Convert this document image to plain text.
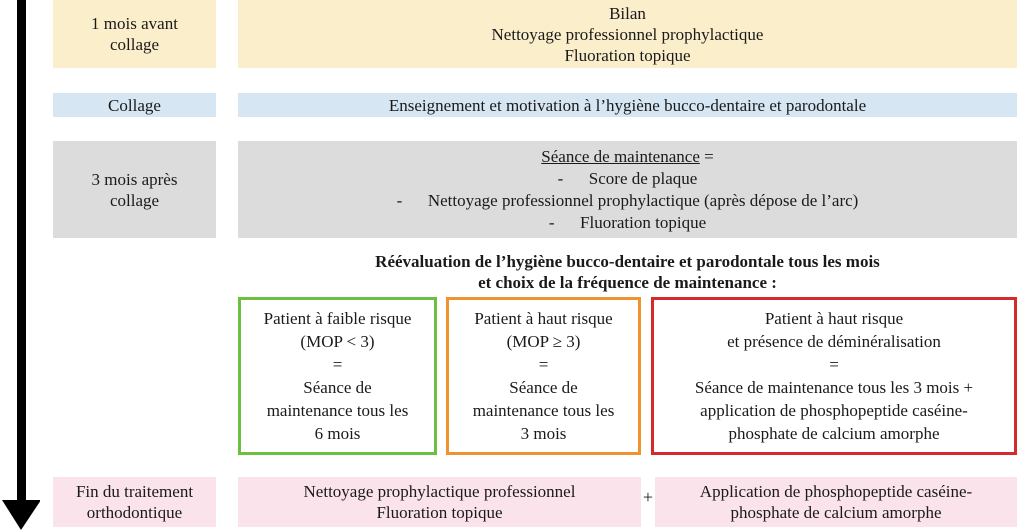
1 mois avant
collage
Bilan
Nettoyage professionnel prophylactique
Fluoration topique
Collage	Enseignement et motivation à l’hygiène bucco-dentaire et parodontale
3 mois après
collage
Séance de maintenance =
-      Score de plaque
-      Nettoyage professionnel prophylactique (après dépose de l’arc)
-      Fluoration topique
Réévaluation de l’hygiène bucco-dentaire et parodontale tous les mois
et choix de la fréquence de maintenance :
Patient à faible risque
(MOP < 3)
=
Séance de
maintenance tous les
6 mois
Patient à haut risque
(MOP ≥ 3)
=
Séance de
maintenance tous les
3 mois
Patient à haut risque
et présence de déminéralisation
=
Séance de maintenance tous les 3 mois +
application de phosphopeptide caséine-
phosphate de calcium amorphe
Fin du traitement
orthodontique
Nettoyage prophylactique professionnel
Fluoration topique
+	Application de phosphopeptide caséine-
phosphate de calcium amorphe
